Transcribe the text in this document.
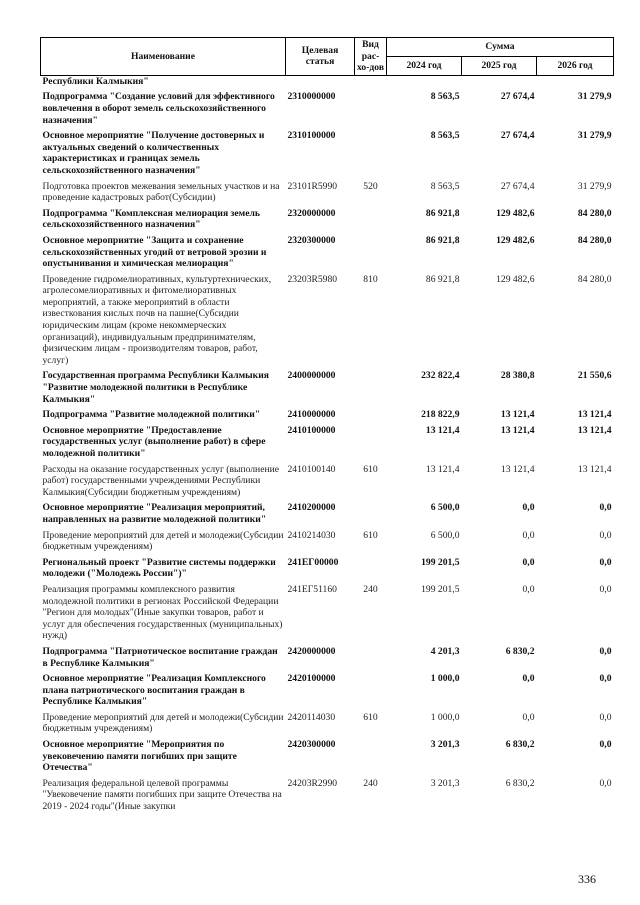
Наименование	Целевая статья	Вид рас-хо-дов	Сумма		
			2024 год	2025 год	2026 год
Республики Калмыкия"					
Подпрограмма "Создание условий для эффективного вовлечения в оборот земель сельскохозяйственного назначения"	2310000000		8 563,5	27 674,4	31 279,9
Основное мероприятие "Получение достоверных и актуальных сведений о количественных характеристиках и границах земель сельскохозяйственного назначения"	2310100000		8 563,5	27 674,4	31 279,9
Подготовка проектов межевания земельных участков и на проведение кадастровых работ(Субсидии)	23101R5990	520	8 563,5	27 674,4	31 279,9
Подпрограмма "Комплексная мелиорация земель сельскохозяйственного назначения"	2320000000		86 921,8	129 482,6	84 280,0
Основное мероприятие "Защита и сохранение сельскохозяйственных угодий от ветровой эрозии и опустынивания и химическая мелиорация"	2320300000		86 921,8	129 482,6	84 280,0
Проведение гидромелиоративных, культуртехнических, агролесомелиоративных и фитомелиоративных мероприятий, а также мероприятий в области известкования кислых почв на пашне(Субсидии юридическим лицам (кроме некоммерческих организаций), индивидуальным предпринимателям, физическим лицам - производителям товаров, работ, услуг)	23203R5980	810	86 921,8	129 482,6	84 280,0
Государственная программа Республики Калмыкия "Развитие молодежной политики в Республике Калмыкия"	2400000000		232 822,4	28 380,8	21 550,6
Подпрограмма "Развитие молодежной политики"	2410000000		218 822,9	13 121,4	13 121,4
Основное мероприятие "Предоставление государственных услуг (выполнение работ) в сфере молодежной политики"	2410100000		13 121,4	13 121,4	13 121,4
Расходы на оказание государственных услуг (выполнение работ) государственными учреждениями Республики Калмыкия(Субсидии бюджетным учреждениям)	2410100140	610	13 121,4	13 121,4	13 121,4
Основное мероприятие "Реализация мероприятий, направленных на развитие молодежной политики"	2410200000		6 500,0	0,0	0,0
Проведение мероприятий для детей и молодежи(Субсидии бюджетным учреждениям)	2410214030	610	6 500,0	0,0	0,0
Региональный проект "Развитие системы поддержки молодежи ("Молодежь России")"	241EГ00000		199 201,5	0,0	0,0
Реализация программы комплексного развития молодежной политики в регионах Российской Федерации "Регион для молодых"(Иные закупки товаров, работ и услуг для обеспечения государственных (муниципальных) нужд)	241EГ51160	240	199 201,5	0,0	0,0
Подпрограмма "Патриотическое воспитание граждан в Республике Калмыкия"	2420000000		4 201,3	6 830,2	0,0
Основное мероприятие "Реализация Комплексного плана патриотического воспитания граждан в Республике Калмыкия"	2420100000		1 000,0	0,0	0,0
Проведение мероприятий для детей и молодежи(Субсидии бюджетным учреждениям)	2420114030	610	1 000,0	0,0	0,0
Основное мероприятие "Мероприятия по увековечению памяти погибших при защите Отечества"	2420300000		3 201,3	6 830,2	0,0
Реализация федеральной целевой программы "Увековечение памяти погибших при защите Отечества на 2019 - 2024 годы"(Иные закупки	24203R2990	240	3 201,3	6 830,2	0,0
336
